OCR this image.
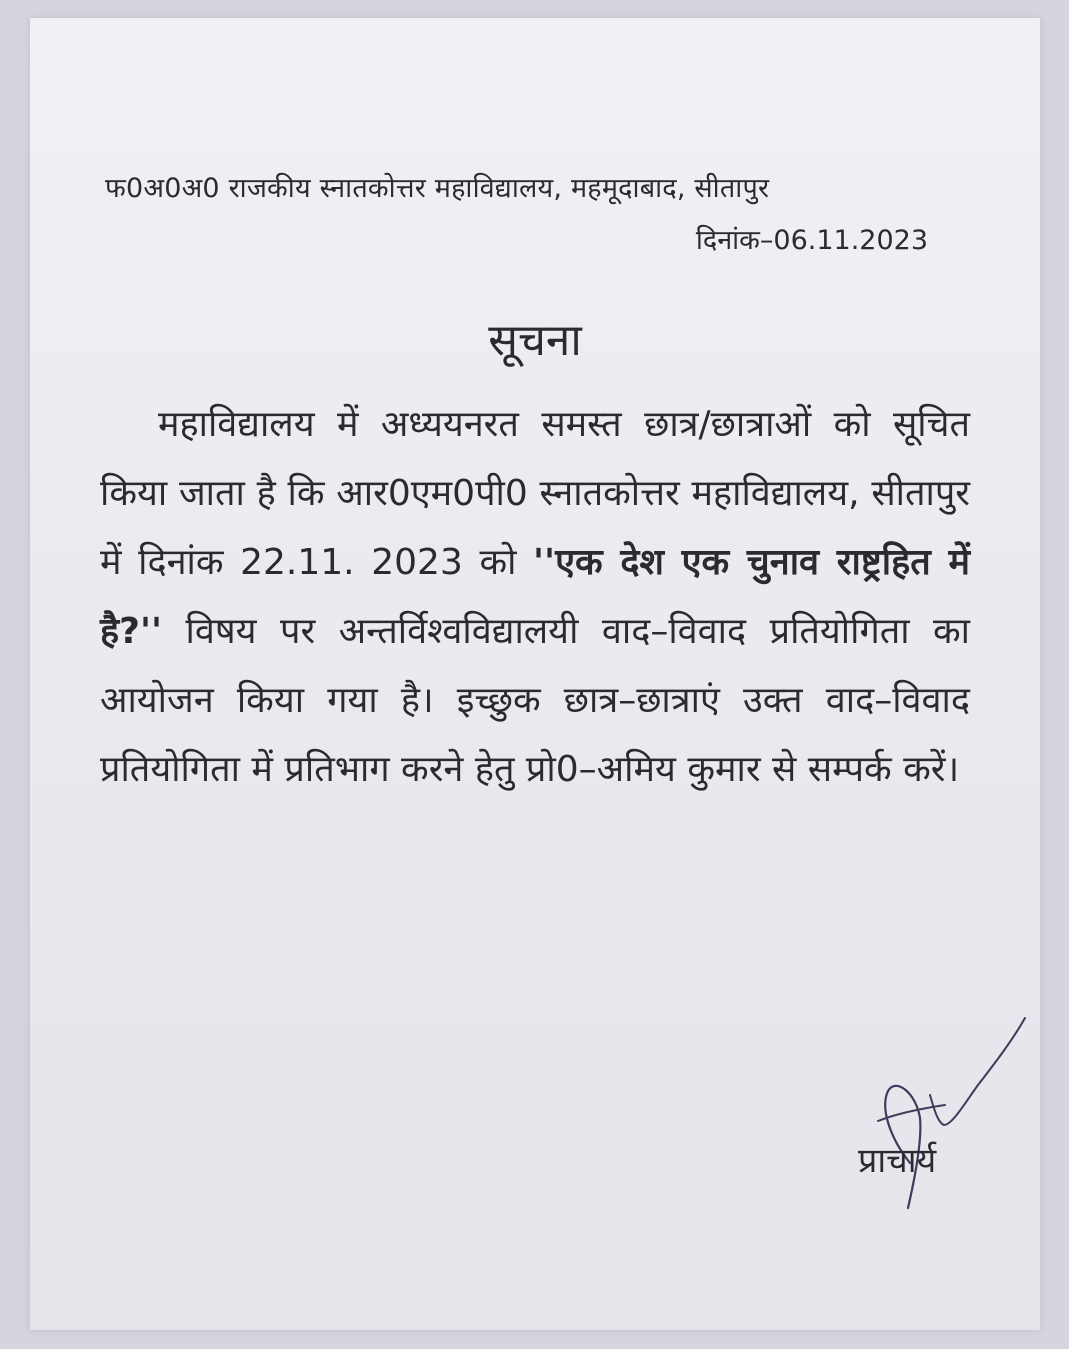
फ0अ0अ0 राजकीय स्नातकोत्तर महाविद्यालय, महमूदाबाद, सीतापुर
दिनांक–06.11.2023
सूचना
महाविद्यालय में अध्ययनरत समस्त छात्र/छात्राओं को सूचित किया जाता है कि आर0एम0पी0 स्नातकोत्तर महाविद्यालय, सीतापुर में दिनांक 22.11. 2023 को ''एक देश एक चुनाव राष्ट्रहित में है?'' विषय पर अन्तर्विश्वविद्यालयी वाद–विवाद प्रतियोगिता का आयोजन किया गया है। इच्छुक छात्र–छात्राएं उक्त वाद–विवाद प्रतियोगिता में प्रतिभाग करने हेतु प्रो0–अमिय कुमार से सम्पर्क करें।
प्राचार्य
